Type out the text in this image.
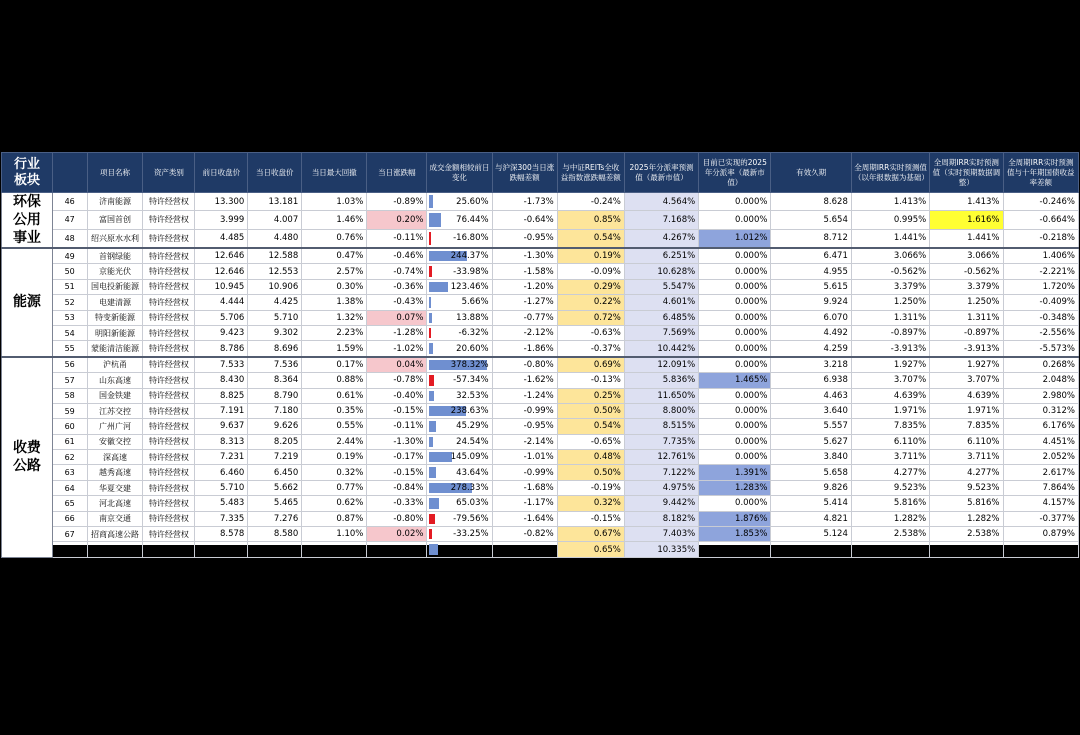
行业
板块		项目名称	资产类别	前日收盘价	当日收盘价	当日最大回撤	当日涨跌幅	成交金额相较前日变化	与沪深300当日涨跌幅差额	与中证REITs全收益指数涨跌幅差额	2025年分派率预测值（最新市值）	目前已实现的2025年分派率（最新市值）	有效久期	全周期IRR实时预测值（以年报数据为基础）	全周期IRR实时预测值（实时预期数据调整）	全周期IRR实时预测值与十年期国债收益率差额

环保公用事业	46	济南能源	特许经营权	13.300	13.181	1.03%	-0.89%	25.60%	-1.73%	-0.24%	4.564%	0.000%	8.628	1.413%	1.413%	-0.246%
	47	富国首创	特许经营权	3.999	4.007	1.46%	0.20%	76.44%	-0.64%	0.85%	7.168%	0.000%	5.654	0.995%	1.616%	-0.664%
	48	绍兴原水水利	特许经营权	4.485	4.480	0.76%	-0.11%	-16.80%	-0.95%	0.54%	4.267%	1.012%	8.712	1.441%	1.441%	-0.218%

能源	49	首钢绿能	特许经营权	12.646	12.588	0.47%	-0.46%	244.37%	-1.30%	0.19%	6.251%	0.000%	6.471	3.066%	3.066%	1.406%
	50	京能光伏	特许经营权	12.646	12.553	2.57%	-0.74%	-33.98%	-1.58%	-0.09%	10.628%	0.000%	4.955	-0.562%	-0.562%	-2.221%
	51	国电投新能源	特许经营权	10.945	10.906	0.30%	-0.36%	123.46%	-1.20%	0.29%	5.547%	0.000%	5.615	3.379%	3.379%	1.720%
	52	电建清源	特许经营权	4.444	4.425	1.38%	-0.43%	5.66%	-1.27%	0.22%	4.601%	0.000%	9.924	1.250%	1.250%	-0.409%
	53	特变新能源	特许经营权	5.706	5.710	1.32%	0.07%	13.88%	-0.77%	0.72%	6.485%	0.000%	6.070	1.311%	1.311%	-0.348%
	54	明阳新能源	特许经营权	9.423	9.302	2.23%	-1.28%	-6.32%	-2.12%	-0.63%	7.569%	0.000%	4.492	-0.897%	-0.897%	-2.556%
	55	蒙能清洁能源	特许经营权	8.786	8.696	1.59%	-1.02%	20.60%	-1.86%	-0.37%	10.442%	0.000%	4.259	-3.913%	-3.913%	-5.573%

收费公路	56	沪杭甬	特许经营权	7.533	7.536	0.17%	0.04%	378.32%	-0.80%	0.69%	12.091%	0.000%	3.218	1.927%	1.927%	0.268%
	57	山东高速	特许经营权	8.430	8.364	0.88%	-0.78%	-57.34%	-1.62%	-0.13%	5.836%	1.465%	6.938	3.707%	3.707%	2.048%
	58	国金铁建	特许经营权	8.825	8.790	0.61%	-0.40%	32.53%	-1.24%	0.25%	11.650%	0.000%	4.463	4.639%	4.639%	2.980%
	59	江苏交控	特许经营权	7.191	7.180	0.35%	-0.15%	238.63%	-0.99%	0.50%	8.800%	0.000%	3.640	1.971%	1.971%	0.312%
	60	广州广河	特许经营权	9.637	9.626	0.55%	-0.11%	45.29%	-0.95%	0.54%	8.515%	0.000%	5.557	7.835%	7.835%	6.176%
	61	安徽交控	特许经营权	8.313	8.205	2.44%	-1.30%	24.54%	-2.14%	-0.65%	7.735%	0.000%	5.627	6.110%	6.110%	4.451%
	62	深高速	特许经营权	7.231	7.219	0.19%	-0.17%	145.09%	-1.01%	0.48%	12.761%	0.000%	3.840	3.711%	3.711%	2.052%
	63	越秀高速	特许经营权	6.460	6.450	0.32%	-0.15%	43.64%	-0.99%	0.50%	7.122%	1.391%	5.658	4.277%	4.277%	2.617%
	64	华夏交建	特许经营权	5.710	5.662	0.77%	-0.84%	278.33%	-1.68%	-0.19%	4.975%	1.283%	9.826	9.523%	9.523%	7.864%
	65	河北高速	特许经营权	5.483	5.465	0.62%	-0.33%	65.03%	-1.17%	0.32%	9.442%	0.000%	5.414	5.816%	5.816%	4.157%
	66	南京交通	特许经营权	7.335	7.276	0.87%	-0.80%	-79.56%	-1.64%	-0.15%	8.182%	1.876%	4.821	1.282%	1.282%	-0.377%
	67	招商高速公路	特许经营权	8.578	8.580	1.10%	0.02%	-33.25%	-0.82%	0.67%	7.403%	1.853%	5.124	2.538%	2.538%	0.879%
	68	宁波交投	特许经营权	10.468	10.468	0.71%	0.00%	55.71%	-0.84%	0.65%	10.335%	0.000%	3.638	0.444%	0.444%	-1.215%
